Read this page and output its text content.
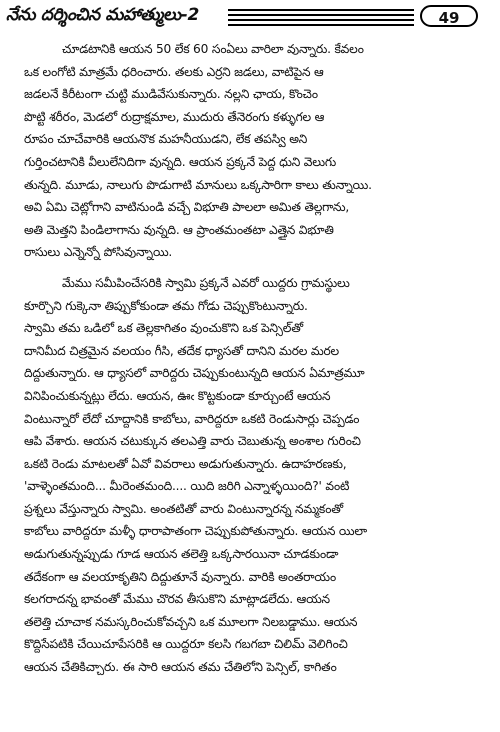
నేను దర్శించిన మహాత్ములు-2	49
చూడటానికి ఆయన 50 లేక 60 సంఏలు వారిలా వున్నారు. కేవలం
ఒక లంగోటి మాత్రమే ధరించారు. తలకు ఎర్రని జడలు, వాటిపైన ఆ
జడలనే కిరీటంగా చుట్టి ముడివేసుకున్నారు. నల్లని ఛాయ, కొంచెం
పొట్టి శరీరం, మెడలో రుద్రాక్షమాల, ముదురు తేనెరంగు కళ్ళుగల ఆ
రూపం చూచేవారికి ఆయనొక మహనీయుడని, లేక తపస్వి అని
గుర్తించటానికి వీలులేనిదిగా వున్నది. ఆయన ప్రక్కనే పెద్ద ధుని వెలుగు
తున్నది. మూడు, నాలుగు పొడుగాటి మానులు ఒక్కసారిగా కాలు తున్నాయి.
అవి ఏమి చెట్లోగాని వాటినుండి వచ్చే విభూతి పాలలా అమిత తెల్లగాను,
అతి మెత్తని పిండిలాగాను వున్నది. ఆ ప్రాంతమంతటా ఎత్తైన విభూతి
రాసులు ఎన్నెన్నో పోసివున్నాయి.
మేము సమీపించేసరికి స్వామి ప్రక్కనే ఎవరో యిద్దరు గ్రామస్థులు
కూర్చొని గుక్కెనా తిప్పుకోకుండా తమ గోడు చెప్పుకొంటున్నారు.
స్వామి తమ ఒడిలో ఒక తెల్లకాగితం వుంచుకొని ఒక పెన్సిల్‌తో
దానిమీద చిత్రమైన వలయం గీసి, తదేక ధ్యాసతో దానిని మరల మరల
దిద్దుతున్నారు. ఆ ధ్యాసలో వారిద్దరు చెప్పుకుంటున్నది ఆయన ఏమాత్రమూ
వినిపించుకున్నట్లు లేదు. ఆయన, ఊఁ కొట్టకుండా కూర్చుంటే ఆయన
వింటున్నారో లేదో చూద్దానికి కాబోలు, వారిద్దరూ ఒకటి రెండుసార్లు చెప్పడం
ఆపి వేశారు. ఆయన చటుక్కున తలఎత్తి వారు చెబుతున్న అంశాల గురించి
ఒకటి రెండు మాటలతో ఏవో వివరాలు అడుగుతున్నారు. ఉదాహరణకు,
'వాళ్ళెంతమంది... మీరెంతమంది.... యిది జరిగి ఎన్నాళ్ళయింది?' వంటి
ప్రశ్నలు వేస్తున్నారు స్వామి. అంతటితో వారు వింటున్నారన్న నమ్మకంతో
కాబోలు వారిద్దరూ మళ్ళీ ధారాపాతంగా చెప్పుకుపోతున్నారు. ఆయన యిలా
అడుగుతున్నప్పుడు గూడ ఆయన తలెత్తి ఒక్కసారయినా చూడకుండా
తదేకంగా ఆ వలయాకృతిని దిద్దుతూనే వున్నారు. వారికి అంతరాయం
కలగరాదన్న భావంతో మేము చొరవ తీసుకొని మాట్లాడలేదు. ఆయన
తలెత్తి చూచాక నమస్కరించుకోవచ్చని ఒక మూలగా నిలబడ్డాము. ఆయన
కొద్దిసేపటికి చేయిచూపేసరికి ఆ యిద్దరూ కలసి గబగబా చిలిమ్ వెలిగించి
ఆయన చేతికిచ్చారు. ఈ సారి ఆయన తమ చేతిలోని పెన్సిల్, కాగితం
